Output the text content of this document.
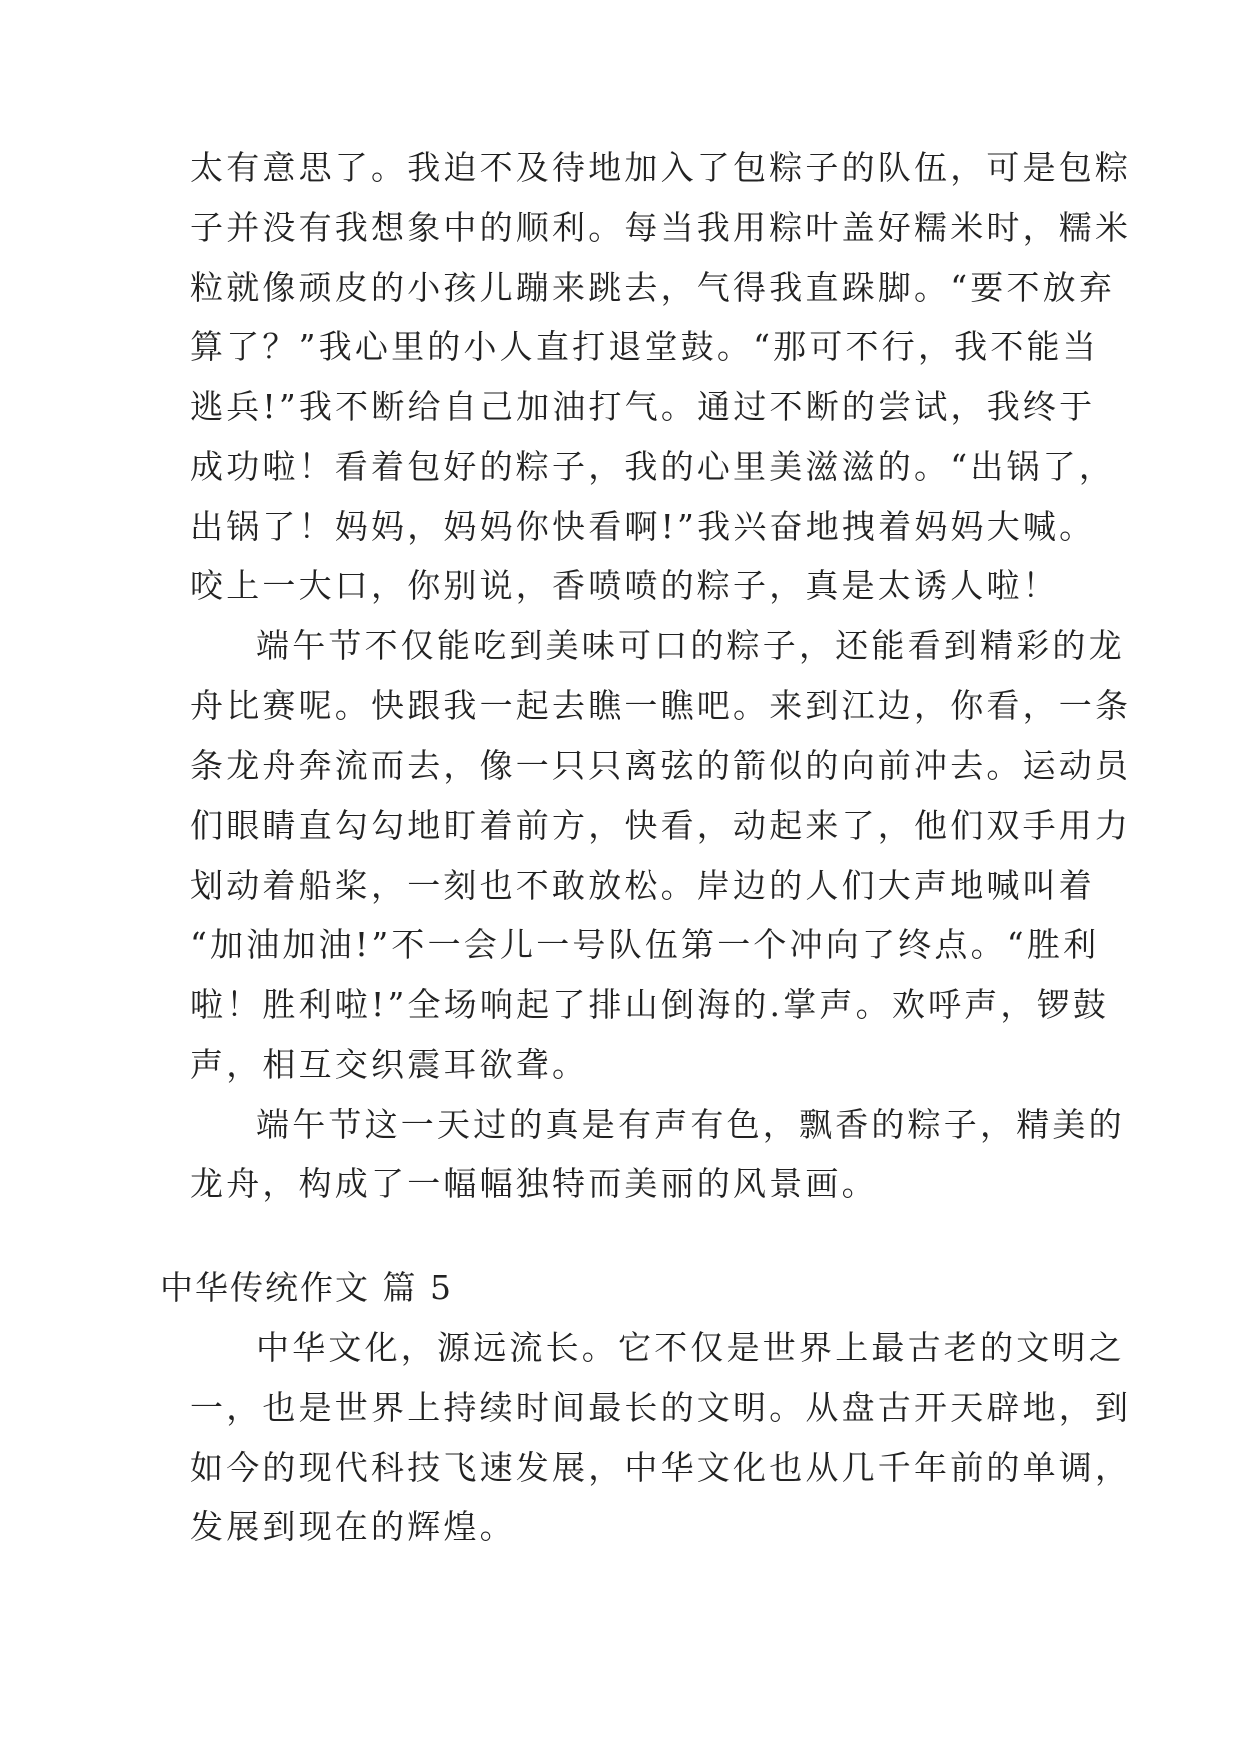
太有意思了。我迫不及待地加入了包粽子的队伍，可是包粽
子并没有我想象中的顺利。每当我用粽叶盖好糯米时，糯米
粒就像顽皮的小孩儿蹦来跳去，气得我直跺脚。“要不放弃
算了？”我心里的小人直打退堂鼓。“那可不行，我不能当
逃兵!”我不断给自己加油打气。通过不断的尝试，我终于
成功啦！看着包好的粽子，我的心里美滋滋的。“出锅了，
出锅了！妈妈，妈妈你快看啊!”我兴奋地拽着妈妈大喊。
咬上一大口，你别说，香喷喷的粽子，真是太诱人啦！
端午节不仅能吃到美味可口的粽子，还能看到精彩的龙
舟比赛呢。快跟我一起去瞧一瞧吧。来到江边，你看，一条
条龙舟奔流而去，像一只只离弦的箭似的向前冲去。运动员
们眼睛直勾勾地盯着前方，快看，动起来了，他们双手用力
划动着船桨，一刻也不敢放松。岸边的人们大声地喊叫着
“加油加油!”不一会儿一号队伍第一个冲向了终点。“胜利
啦！胜利啦!”全场响起了排山倒海的.掌声。欢呼声，锣鼓
声，相互交织震耳欲聋。
端午节这一天过的真是有声有色，飘香的粽子，精美的
龙舟，构成了一幅幅独特而美丽的风景画。
中华传统作文 篇 5
中华文化，源远流长。它不仅是世界上最古老的文明之
一，也是世界上持续时间最长的文明。从盘古开天辟地，到
如今的现代科技飞速发展，中华文化也从几千年前的单调，
发展到现在的辉煌。
